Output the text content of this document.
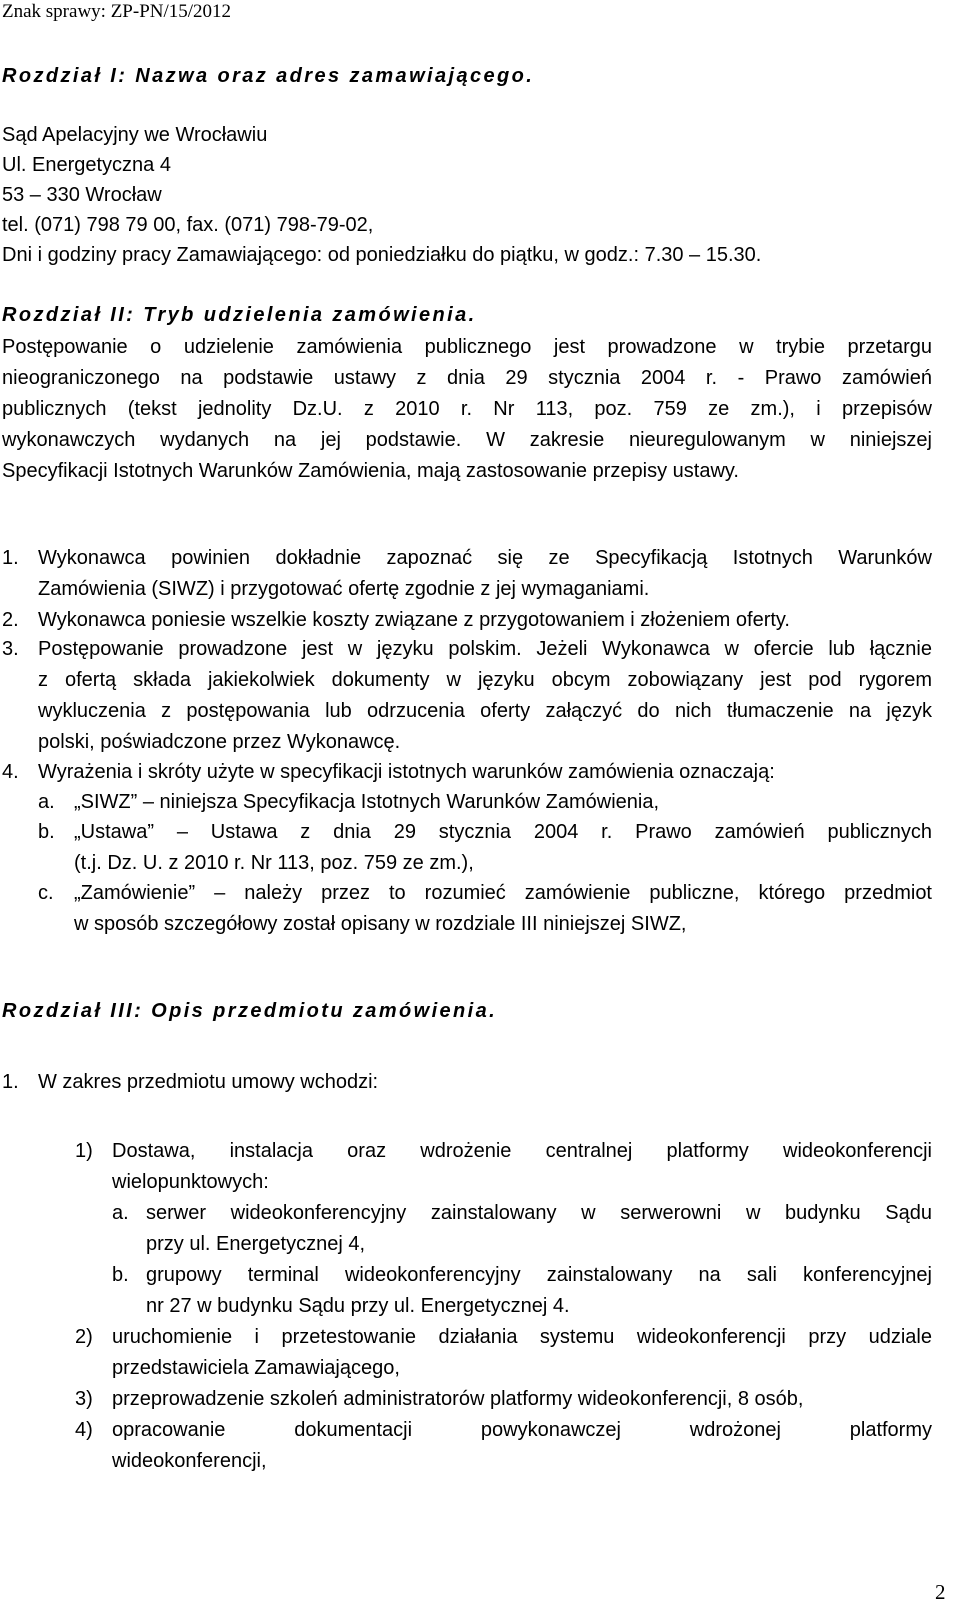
Znak sprawy: ZP-PN/15/2012
Rozdział I: Nazwa oraz adres zamawiającego.
Sąd Apelacyjny we Wrocławiu
Ul. Energetyczna 4
53 – 330 Wrocław
tel. (071) 798 79 00, fax. (071) 798-79-02,
Dni i godziny pracy Zamawiającego: od poniedziałku do piątku, w godz.: 7.30 – 15.30.
Rozdział II: Tryb udzielenia zamówienia.
Postępowanie o udzielenie zamówienia publicznego jest prowadzone w trybie przetargu
nieograniczonego na podstawie ustawy z dnia 29 stycznia 2004 r. - Prawo zamówień
publicznych (tekst jednolity Dz.U. z 2010 r. Nr 113, poz. 759 ze zm.), i przepisów
wykonawczych wydanych na jej podstawie. W zakresie nieuregulowanym w niniejszej
Specyfikacji Istotnych Warunków Zamówienia, mają zastosowanie przepisy ustawy.
1. Wykonawca powinien dokładnie zapoznać się ze Specyfikacją Istotnych Warunków
Zamówienia (SIWZ) i przygotować ofertę zgodnie z jej wymaganiami.
2. Wykonawca poniesie wszelkie koszty związane z przygotowaniem i złożeniem oferty.
3. Postępowanie prowadzone jest w języku polskim. Jeżeli Wykonawca w ofercie lub łącznie
z ofertą składa jakiekolwiek dokumenty w języku obcym zobowiązany jest pod rygorem
wykluczenia z postępowania lub odrzucenia oferty załączyć do nich tłumaczenie na język
polski, poświadczone przez Wykonawcę.
4. Wyrażenia i skróty użyte w specyfikacji istotnych warunków zamówienia oznaczają:
a. „SIWZ” – niniejsza Specyfikacja Istotnych Warunków Zamówienia,
b. „Ustawa” – Ustawa z dnia 29 stycznia 2004 r. Prawo zamówień publicznych
(t.j. Dz. U. z 2010 r. Nr 113, poz. 759 ze zm.),
c. „Zamówienie” – należy przez to rozumieć zamówienie publiczne, którego przedmiot
w sposób szczegółowy został opisany w rozdziale III niniejszej SIWZ,
Rozdział III: Opis przedmiotu zamówienia.
1. W zakres przedmiotu umowy wchodzi:
1) Dostawa, instalacja oraz wdrożenie centralnej platformy wideokonferencji
wielopunktowych:
a. serwer wideokonferencyjny zainstalowany w serwerowni w budynku Sądu
przy ul. Energetycznej 4,
b. grupowy terminal wideokonferencyjny zainstalowany na sali konferencyjnej
nr 27 w budynku Sądu przy ul. Energetycznej 4.
2) uruchomienie i przetestowanie działania systemu wideokonferencji przy udziale
przedstawiciela Zamawiającego,
3) przeprowadzenie szkoleń administratorów platformy wideokonferencji, 8 osób,
4) opracowanie dokumentacji powykonawczej wdrożonej platformy
wideokonferencji,
2
